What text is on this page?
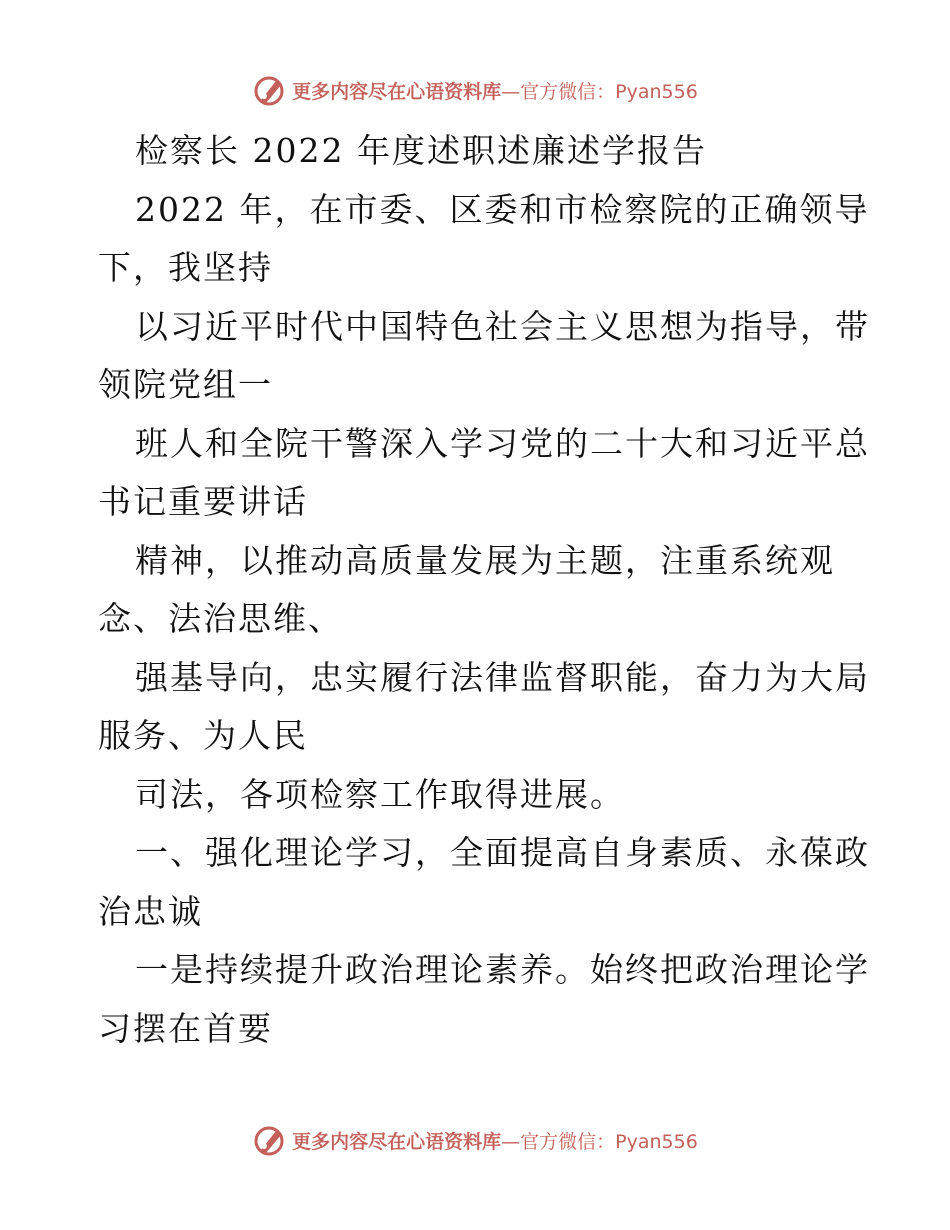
更多内容尽在心语资料库—官方微信：Pyan556
检察长 2022 年度述职述廉述学报告
2022 年，在市委、区委和市检察院的正确领导
下，我坚持
以习近平时代中国特色社会主义思想为指导，带
领院党组一
班人和全院干警深入学习党的二十大和习近平总
书记重要讲话
精神，以推动高质量发展为主题，注重系统观
念、法治思维、
强基导向，忠实履行法律监督职能，奋力为大局
服务、为人民
司法，各项检察工作取得进展。
一、强化理论学习，全面提高自身素质、永葆政
治忠诚
一是持续提升政治理论素养。始终把政治理论学
习摆在首要
更多内容尽在心语资料库—官方微信：Pyan556
